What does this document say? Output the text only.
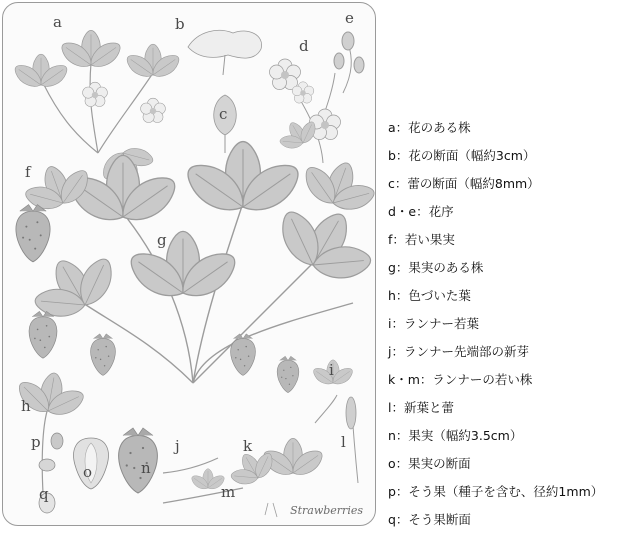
a	b
c
d
e
f
g
h
i
j	k	l
m
n
o
p
q
Strawberries
a：花のある株
b：花の断面（幅約3cm）
c：蕾の断面（幅約8mm）
d・e：花序
f：若い果実
g：果実のある株
h：色づいた葉
i：ランナー若葉
j：ランナー先端部の新芽
k・m：ランナーの若い株
l：新葉と蕾
n：果実（幅約3.5cm）
o：果実の断面
p：そう果（種子を含む、径約1mm）
q：そう果断面
